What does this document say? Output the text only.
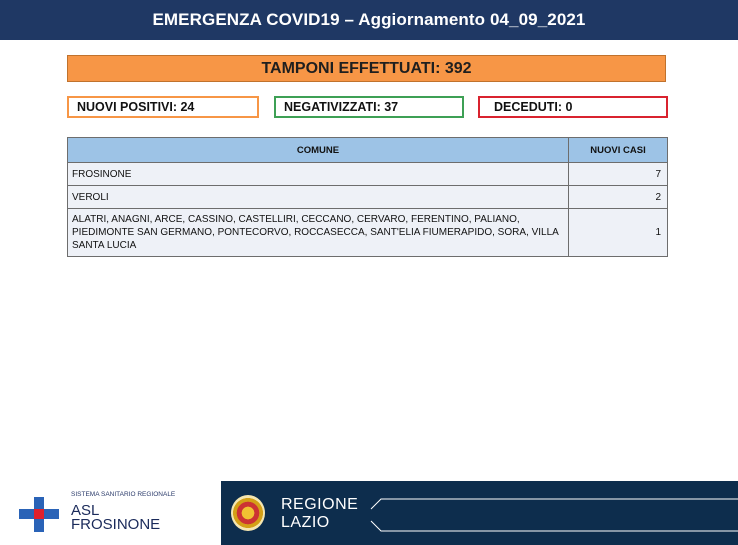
EMERGENZA COVID19 – Aggiornamento 04_09_2021
TAMPONI EFFETTUATI: 392
NUOVI POSITIVI: 24	NEGATIVIZZATI: 37	DECEDUTI: 0
COMUNE	NUOVI CASI
FROSINONE	7
VEROLI	2
ALATRI, ANAGNI, ARCE, CASSINO, CASTELLIRI, CECCANO, CERVARO, FERENTINO, PALIANO, PIEDIMONTE SAN GERMANO, PONTECORVO, ROCCASECCA, SANT'ELIA FIUMERAPIDO, SORA, VILLA SANTA LUCIA	1
SISTEMA SANITARIO REGIONALE
ASL
FROSINONE
REGIONE
LAZIO
